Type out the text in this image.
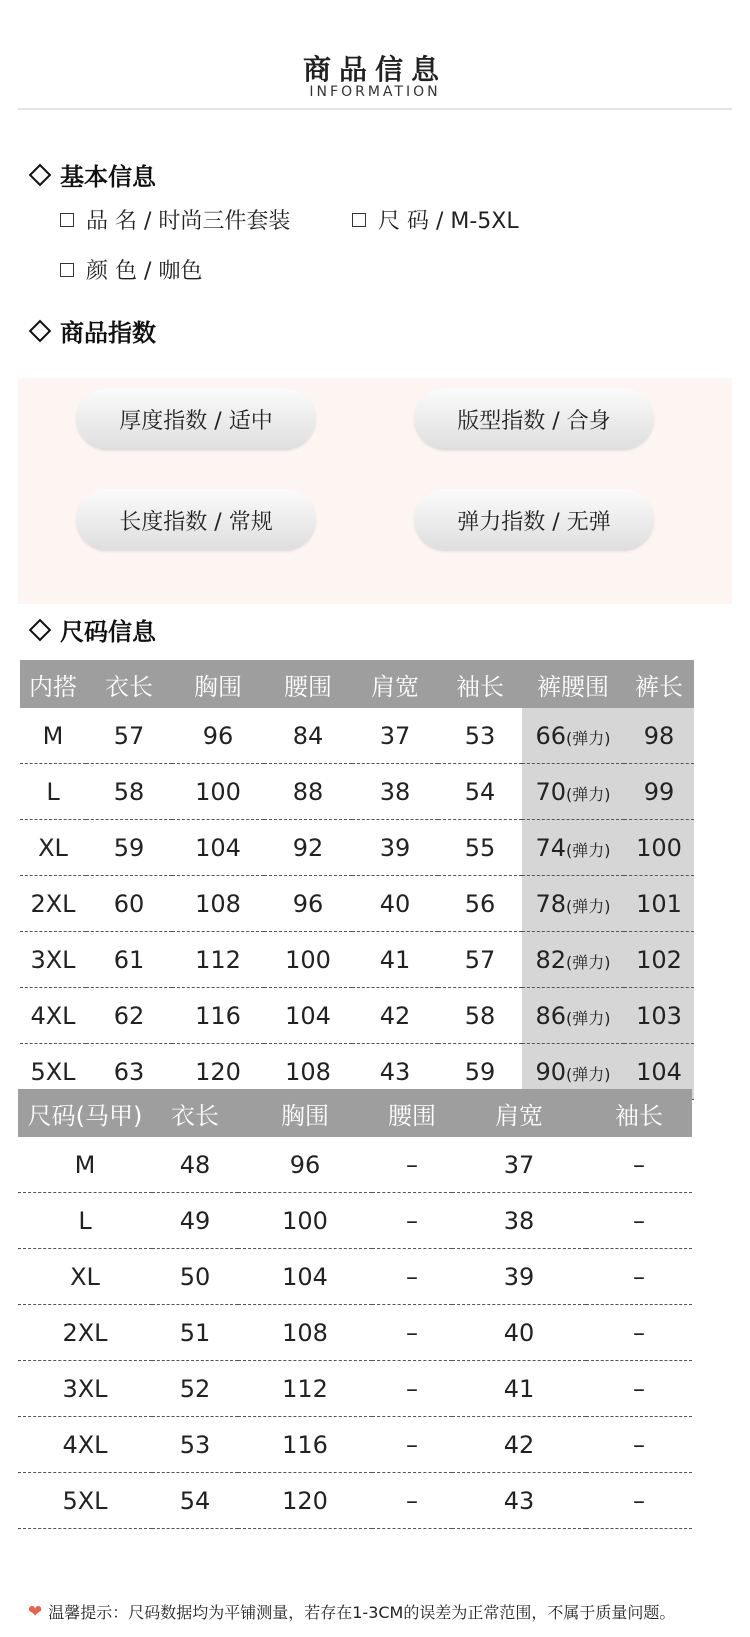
商品信息
INFORMATION
基本信息
品 名 / 时尚三件套装	尺 码 / M-5XL
颜 色 / 咖色
商品指数
厚度指数 / 适中	版型指数 / 合身
长度指数 / 常规	弹力指数 / 无弹
尺码信息
内搭	衣长	胸围	腰围	肩宽	袖长	裤腰围	裤长
M	57	96	84	37	53	66(弹力)	98
L	58	100	88	38	54	70(弹力)	99
XL	59	104	92	39	55	74(弹力)	100
2XL	60	108	96	40	56	78(弹力)	101
3XL	61	112	100	41	57	82(弹力)	102
4XL	62	116	104	42	58	86(弹力)	103
5XL	63	120	108	43	59	90(弹力)	104
尺码(马甲)	衣长	胸围	腰围	肩宽	袖长
M	48	96	–	37	–
L	49	100	–	38	–
XL	50	104	–	39	–
2XL	51	108	–	40	–
3XL	52	112	–	41	–
4XL	53	116	–	42	–
5XL	54	120	–	43	–
❤ 温馨提示：尺码数据均为平铺测量，若存在1-3CM的误差为正常范围，不属于质量问题。
